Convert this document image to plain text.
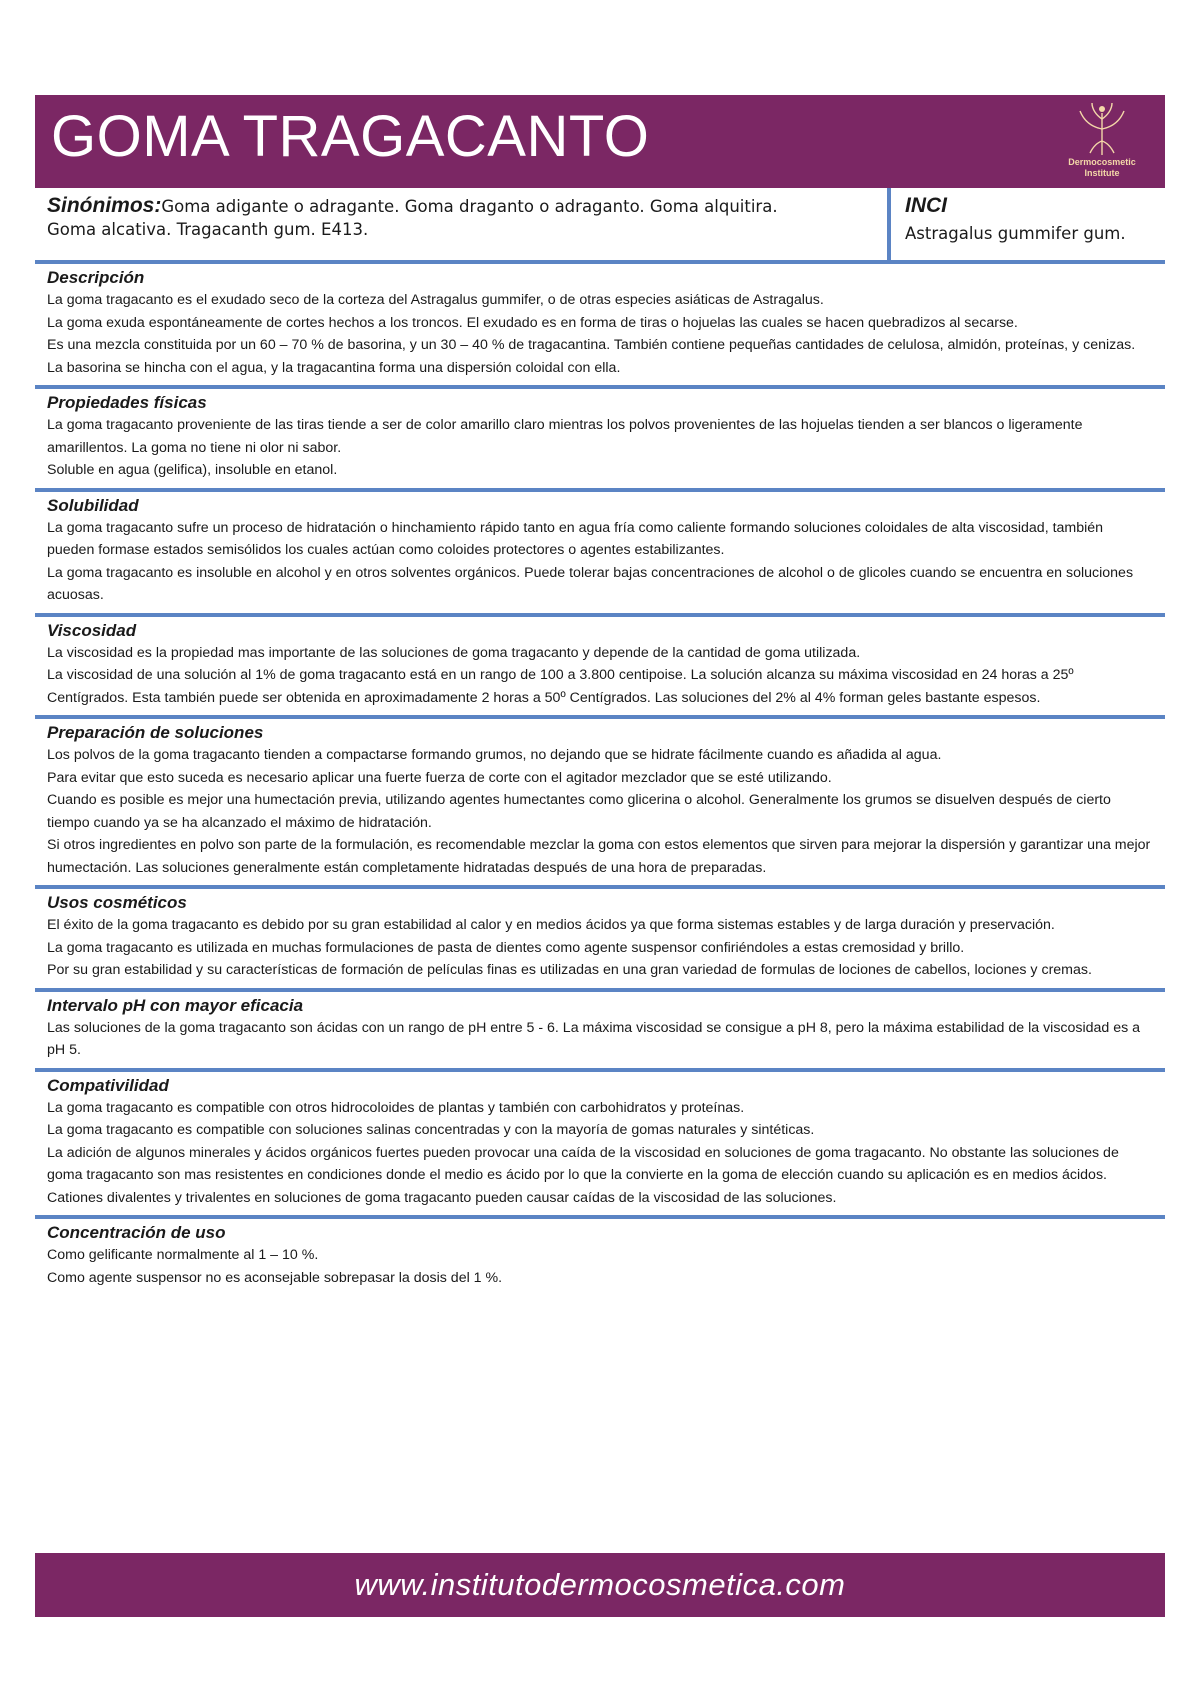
GOMA TRAGACANTO	Dermocosmetic
Institute
Sinónimos:Goma adigante o adragante. Goma draganto o adraganto. Goma alquitira.
Goma alcativa. Tragacanth gum. E413.
INCI
Astragalus gummifer gum.
Descripción

La goma tragacanto es el exudado seco de la corteza del Astragalus gummifer, o de otras especies asiáticas de Astragalus.

La goma exuda espontáneamente de cortes hechos a los troncos. El exudado es en forma de tiras o hojuelas las cuales se hacen quebradizos al secarse.

Es una mezcla constituida por un 60 – 70 % de basorina, y un 30 – 40 % de tragacantina. También contiene pequeñas cantidades de celulosa, almidón, proteínas, y cenizas. La basorina se hincha con el agua, y la tragacantina forma una dispersión coloidal con ella.

Propiedades físicas

La goma tragacanto proveniente de las tiras tiende a ser de color amarillo claro mientras los polvos provenientes de las hojuelas tienden a ser blancos o ligeramente amarillentos. La goma no tiene ni olor ni sabor.

Soluble en agua (gelifica), insoluble en etanol.

Solubilidad

La goma tragacanto sufre un proceso de hidratación o hinchamiento rápido tanto en agua fría como caliente formando soluciones coloidales de alta viscosidad, también pueden formase estados semisólidos los cuales actúan como coloides protectores o agentes estabilizantes.

La goma tragacanto es insoluble en alcohol y en otros solventes orgánicos. Puede tolerar bajas concentraciones de alcohol o de glicoles cuando se encuentra en soluciones acuosas.

Viscosidad

La viscosidad es la propiedad mas importante de las soluciones de goma tragacanto y depende de la cantidad de goma utilizada.

La viscosidad de una solución al 1% de goma tragacanto está en un rango de 100 a 3.800 centipoise. La solución alcanza su máxima viscosidad en 24 horas a 25º Centígrados. Esta también puede ser obtenida en aproximadamente 2 horas a 50º Centígrados. Las soluciones del 2% al 4% forman geles bastante espesos.

Preparación de soluciones

Los polvos de la goma tragacanto tienden a compactarse formando grumos, no dejando que se hidrate fácilmente cuando es añadida al agua.

Para evitar que esto suceda es necesario aplicar una fuerte fuerza de corte con el agitador mezclador que se esté utilizando.

Cuando es posible es mejor una humectación previa, utilizando agentes humectantes como glicerina o alcohol. Generalmente los grumos se disuelven después de cierto tiempo cuando ya se ha alcanzado el máximo de hidratación.

Si otros ingredientes en polvo son parte de la formulación, es recomendable mezclar la goma con estos elementos que sirven para mejorar la dispersión y garantizar una mejor humectación. Las soluciones generalmente están completamente hidratadas después de una hora de preparadas.

Usos cosméticos

El éxito de la goma tragacanto es debido por su gran estabilidad al calor y en medios ácidos ya que forma sistemas estables y de larga duración y preservación.

La goma tragacanto es utilizada en muchas formulaciones de pasta de dientes como agente suspensor confiriéndoles a estas cremosidad y brillo.

Por su gran estabilidad y su características de formación de películas finas es utilizadas en una gran variedad de formulas de lociones de cabellos, lociones y cremas.

Intervalo pH con mayor eficacia

Las soluciones de la goma tragacanto son ácidas con un rango de pH entre 5 - 6. La máxima viscosidad se consigue a pH 8, pero la máxima estabilidad de la viscosidad es a pH 5.

Compativilidad

La goma tragacanto es compatible con otros hidrocoloides de plantas y también con carbohidratos y proteínas.

La goma tragacanto es compatible con soluciones salinas concentradas y con la mayoría de gomas naturales y sintéticas.

La adición de algunos minerales y ácidos orgánicos fuertes pueden provocar una caída de la viscosidad en soluciones de goma tragacanto. No obstante las soluciones de goma tragacanto son mas resistentes en condiciones donde el medio es ácido por lo que la convierte en la goma de elección cuando su aplicación es en medios ácidos.

Cationes divalentes y trivalentes en soluciones de goma tragacanto pueden causar caídas de la viscosidad de las soluciones.

Concentración de uso

Como gelificante normalmente al 1 – 10 %.

Como agente suspensor no es aconsejable sobrepasar la dosis del 1 %.

www.institutodermocosmetica.com
